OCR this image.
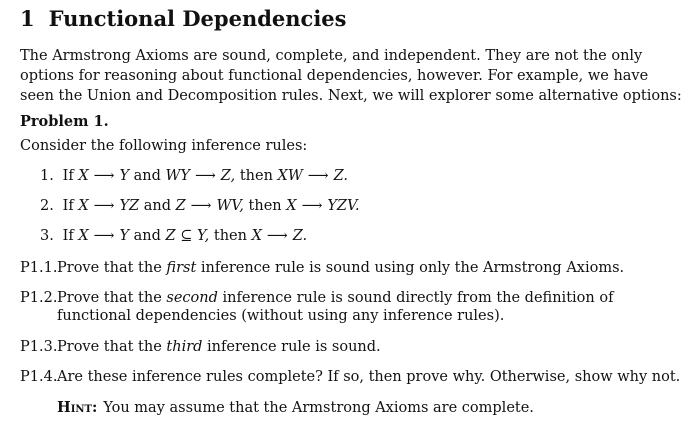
1 Functional Dependencies
The Armstrong Axioms are sound, complete, and independent. They are not the only options for reasoning about functional dependencies, however. For example, we have seen the Union and Decomposition rules. Next, we will explorer some alternative options:
Problem 1.
Consider the following inference rules:
1. If X ⟶ Y and WY ⟶ Z, then XW ⟶ Z.
2. If X ⟶ YZ and Z ⟶ WV, then X ⟶ YZV.
3. If X ⟶ Y and Z ⊆ Y, then X ⟶ Z.
P1.1. Prove that the first inference rule is sound using only the Armstrong Axioms.
P1.2. Prove that the second inference rule is sound directly from the definition of functional dependencies (without using any inference rules).
P1.3. Prove that the third inference rule is sound.
P1.4. Are these inference rules complete? If so, then prove why. Otherwise, show why not.
Hint: You may assume that the Armstrong Axioms are complete.
